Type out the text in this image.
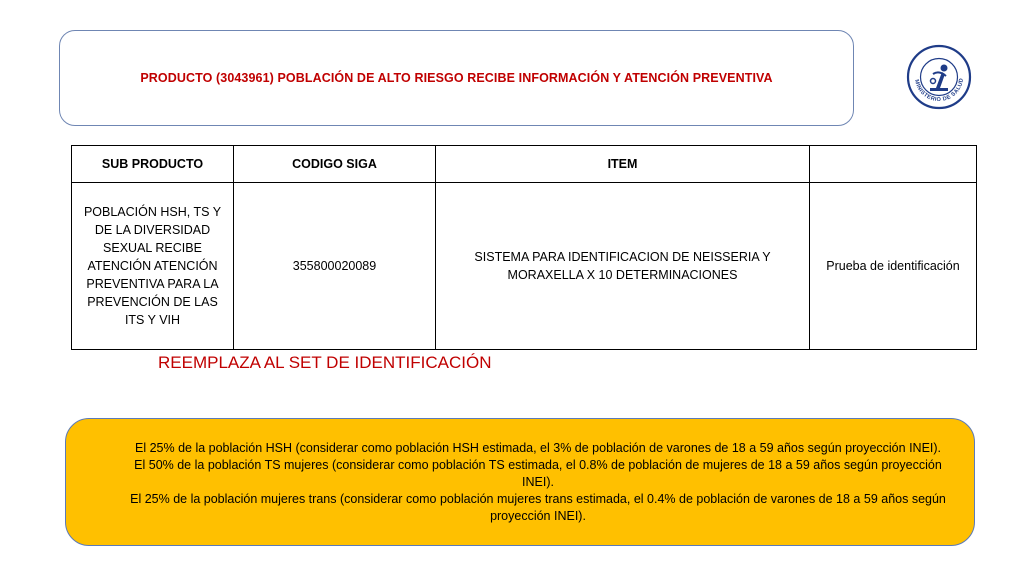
PRODUCTO (3043961) POBLACIÓN DE ALTO RIESGO RECIBE INFORMACIÓN Y ATENCIÓN PREVENTIVA	MINISTERIO DE SALUD
SUB PRODUCTO	CODIGO SIGA	ITEM	
POBLACIÓN HSH, TS Y DE LA DIVERSIDAD SEXUAL RECIBE ATENCIÓN ATENCIÓN PREVENTIVA PARA LA PREVENCIÓN DE LAS ITS Y VIH	355800020089	SISTEMA PARA IDENTIFICACION DE NEISSERIA Y MORAXELLA X 10 DETERMINACIONES	Prueba de identificación
REEMPLAZA AL SET DE IDENTIFICACIÓN
El 25% de la población HSH (considerar como población HSH estimada, el 3% de población de varones de 18 a 59 años según proyección INEI).
El 50% de la población TS mujeres (considerar como población TS estimada, el 0.8% de población de mujeres de 18 a 59 años según proyección INEI).
El 25% de la población mujeres trans (considerar como población mujeres trans estimada, el 0.4% de población de varones de 18 a 59 años según proyección INEI).
